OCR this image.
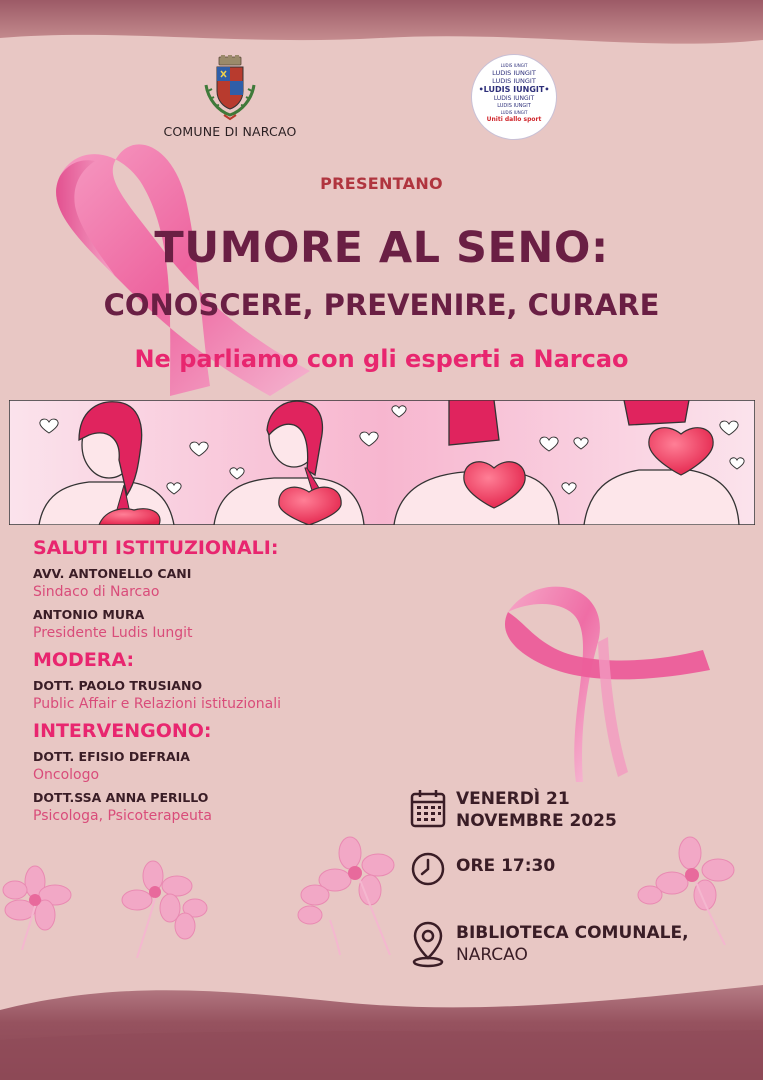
COMUNE DI NARCAO
LUDIS IUNGIT
LUDIS IUNGIT
LUDIS IUNGIT
•LUDIS IUNGIT•
LUDIS IUNGIT
LUDIS IUNGIT
LUDIS IUNGIT
Uniti dallo sport
PRESENTANO
TUMORE AL SENO:
CONOSCERE, PREVENIRE, CURARE
Ne parliamo con gli esperti a Narcao
SALUTI ISTITUZIONALI:
AVV. ANTONELLO CANI
Sindaco di Narcao
ANTONIO MURA
Presidente Ludis Iungit
MODERA:
DOTT. PAOLO TRUSIANO
Public Affair e Relazioni istituzionali
INTERVENGONO:
DOTT. EFISIO DEFRAIA
Oncologo
DOTT.SSA ANNA PERILLO
Psicologa, Psicoterapeuta
VENERDÌ 21
NOVEMBRE 2025
ORE 17:30
BIBLIOTECA COMUNALE,
NARCAO
